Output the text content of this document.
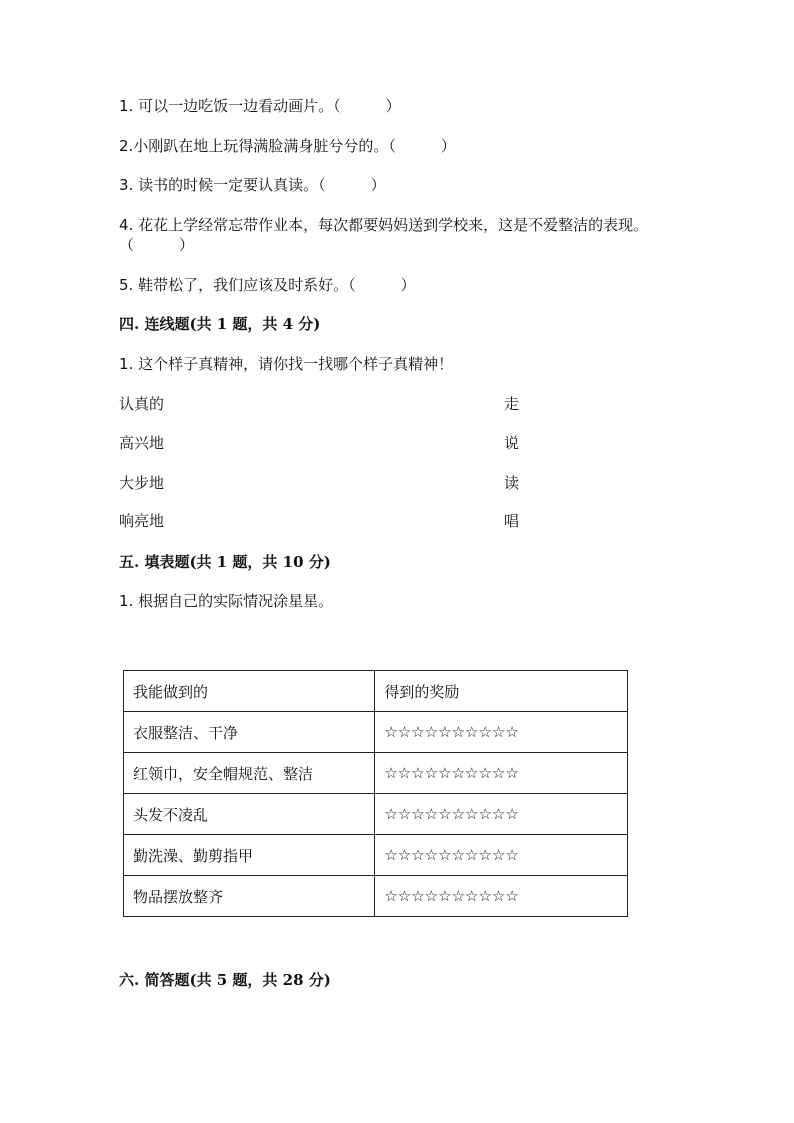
1. 可以一边吃饭一边看动画片。（　　　）
2.小刚趴在地上玩得满脸满身脏兮兮的。（　　　）
3. 读书的时候一定要认真读。（　　　）
4. 花花上学经常忘带作业本，每次都要妈妈送到学校来，这是不爱整洁的表现。（　　　）
5. 鞋带松了，我们应该及时系好。（　　　）
四. 连线题(共 1 题，共 4 分)
1. 这个样子真精神，请你找一找哪个样子真精神！
认真的	走
高兴地	说
大步地	读
响亮地	唱
五. 填表题(共 1 题，共 10 分)
1. 根据自己的实际情况涂星星。
我能做到的	得到的奖励
衣服整洁、干净	☆☆☆☆☆☆☆☆☆☆
红领巾，安全帽规范、整洁	☆☆☆☆☆☆☆☆☆☆
头发不凌乱	☆☆☆☆☆☆☆☆☆☆
勤洗澡、勤剪指甲	☆☆☆☆☆☆☆☆☆☆
物品摆放整齐	☆☆☆☆☆☆☆☆☆☆
六. 简答题(共 5 题，共 28 分)
